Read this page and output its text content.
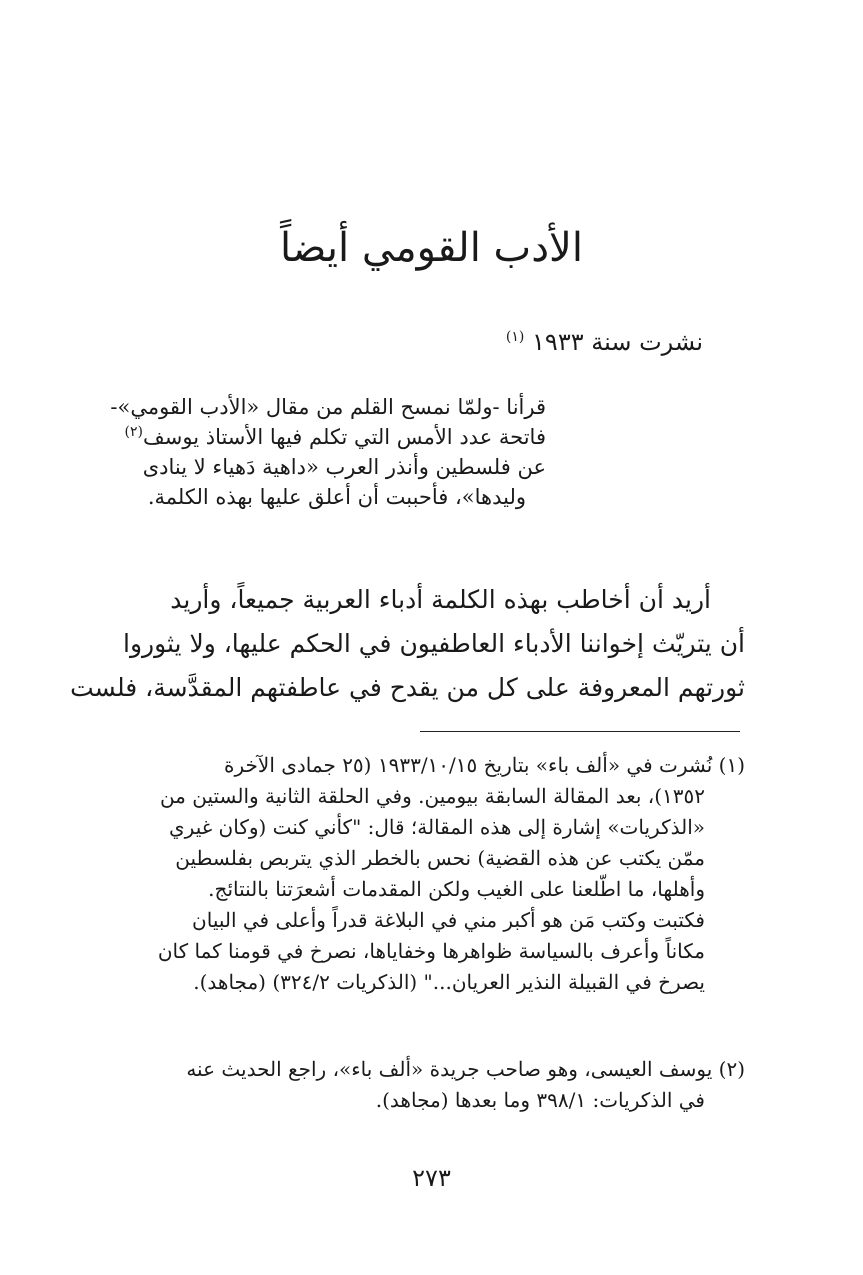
الأدب القومي أيضاً
نشرت سنة ١٩٣٣ $^{(١)}$

قرأنا -ولمّا نمسح القلم من مقال «الأدب القومي»-
فاتحة عدد الأمس التي تكلم فيها الأستاذ يوسف$^{(٢)}$
عن فلسطين وأنذر العرب «داهية دَهياء لا ينادى
وليدها»، فأحببت أن أعلق عليها بهذه الكلمة.

أريد أن أخاطب بهذه الكلمة أدباء العربية جميعاً، وأريد
أن يتريّث إخواننا الأدباء العاطفيون في الحكم عليها، ولا يثوروا
ثورتهم المعروفة على كل من يقدح في عاطفتهم المقدَّسة، فلست

(١) نُشرت في «ألف باء» بتاريخ ١٩٣٣/١٠/١٥ (٢٥ جمادى الآخرة
١٣٥٢)، بعد المقالة السابقة بيومين. وفي الحلقة الثانية والستين من
«الذكريات» إشارة إلى هذه المقالة؛ قال: "كأني كنت (وكان غيري
ممّن يكتب عن هذه القضية) نحس بالخطر الذي يتربص بفلسطين
وأهلها، ما اطّلعنا على الغيب ولكن المقدمات أشعرَتنا بالنتائج.
فكتبت وكتب مَن هو أكبر مني في البلاغة قدراً وأعلى في البيان
مكاناً وأعرف بالسياسة ظواهرها وخفاياها، نصرخ في قومنا كما كان
يصرخ في القبيلة النذير العريان..." (الذكريات ٣٢٤/٢) (مجاهد).

(٢) يوسف العيسى، وهو صاحب جريدة «ألف باء»، راجع الحديث عنه
في الذكريات: ٣٩٨/١ وما بعدها (مجاهد).

٢٧٣
